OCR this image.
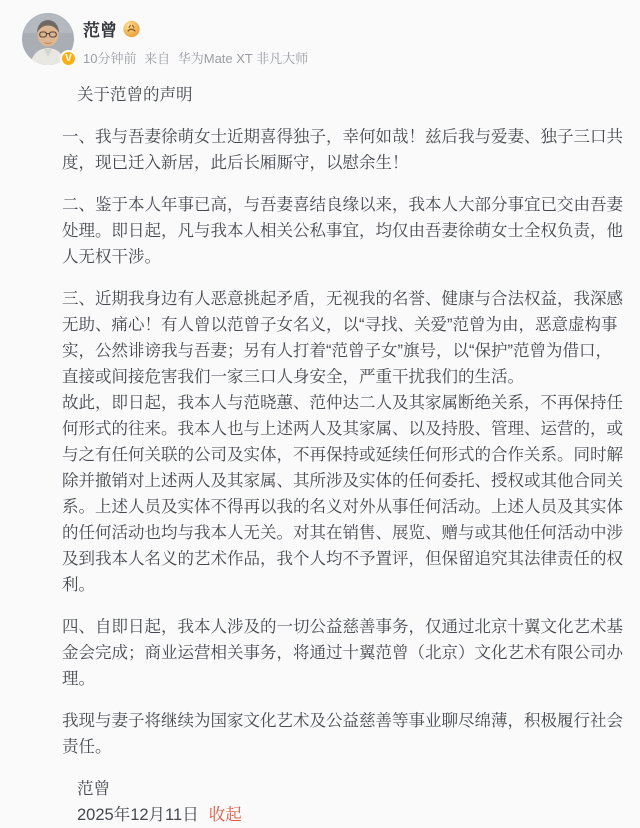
V
范曾
10分钟前 来自 华为Mate XT 非凡大师

关于范曾的声明

一、我与吾妻徐萌女士近期喜得独子，幸何如哉！兹后我与爱妻、独子三口共度，现已迁入新居，此后长厢厮守，以慰余生！

二、鉴于本人年事已高，与吾妻喜结良缘以来，我本人大部分事宜已交由吾妻处理。即日起，凡与我本人相关公私事宜，均仅由吾妻徐萌女士全权负责，他人无权干涉。

三、近期我身边有人恶意挑起矛盾，无视我的名誉、健康与合法权益，我深感无助、痛心！有人曾以范曾子女名义，以“寻找、关爱”范曾为由，恶意虚构事实，公然诽谤我与吾妻；另有人打着“范曾子女”旗号，以“保护”范曾为借口，直接或间接危害我们一家三口人身安全，严重干扰我们的生活。

故此，即日起，我本人与范晓蕙、范仲达二人及其家属断绝关系，不再保持任何形式的往来。我本人也与上述两人及其家属、以及持股、管理、运营的，或与之有任何关联的公司及实体，不再保持或延续任何形式的合作关系。同时解除并撤销对上述两人及其家属、其所涉及实体的任何委托、授权或其他合同关系。上述人员及实体不得再以我的名义对外从事任何活动。上述人员及其实体的任何活动也均与我本人无关。对其在销售、展览、赠与或其他任何活动中涉及到我本人名义的艺术作品，我个人均不予置评，但保留追究其法律责任的权利。

四、自即日起，我本人涉及的一切公益慈善事务，仅通过北京十翼文化艺术基金会完成；商业运营相关事务，将通过十翼范曾（北京）文化艺术有限公司办理。

我现与妻子将继续为国家文化艺术及公益慈善等事业聊尽绵薄，积极履行社会责任。

范曾

2025年12月11日 收起
